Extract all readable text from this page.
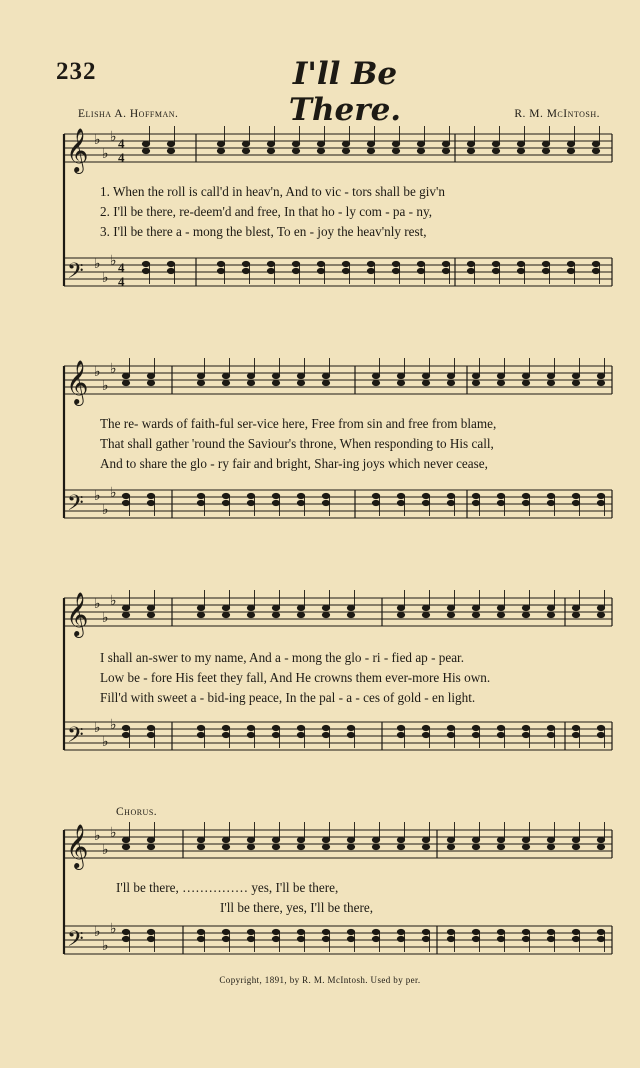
232	I'll Be There.
Elisha A. Hoffman.	R. M. McIntosh.
𝄞 ♭
♭
♭ 4
4
𝄢 ♭
♭
♭ 4
4
𝄞 ♭
♭
♭
𝄢 ♭
♭
♭
𝄞 ♭
♭
♭
𝄢 ♭
♭
♭
𝄞 ♭
♭
♭
𝄢 ♭
♭
♭
1. When the roll is call'd in heav'n, And to vic - tors shall be giv'n
2. I'll be there, re-deem'd and free, In that ho - ly com - pa - ny,
3. I'll be there a - mong the blest, To en - joy the heav'nly rest,
The re- wards of faith-ful ser-vice here, Free from sin and free from blame,
That shall gather 'round the Saviour's throne, When responding to His call,
And to share the glo - ry fair and bright, Shar-ing joys which never cease,
I shall an-swer to my name, And a - mong the glo - ri - fied ap - pear.
Low be - fore His feet they fall, And He crowns them ever-more His own.
Fill'd with sweet a - bid-ing peace, In the pal - a - ces of gold - en light.
Chorus.
I'll be there, …………… yes, I'll be there,
I'll be there, yes, I'll be there,
Copyright, 1891, by R. M. McIntosh. Used by per.
